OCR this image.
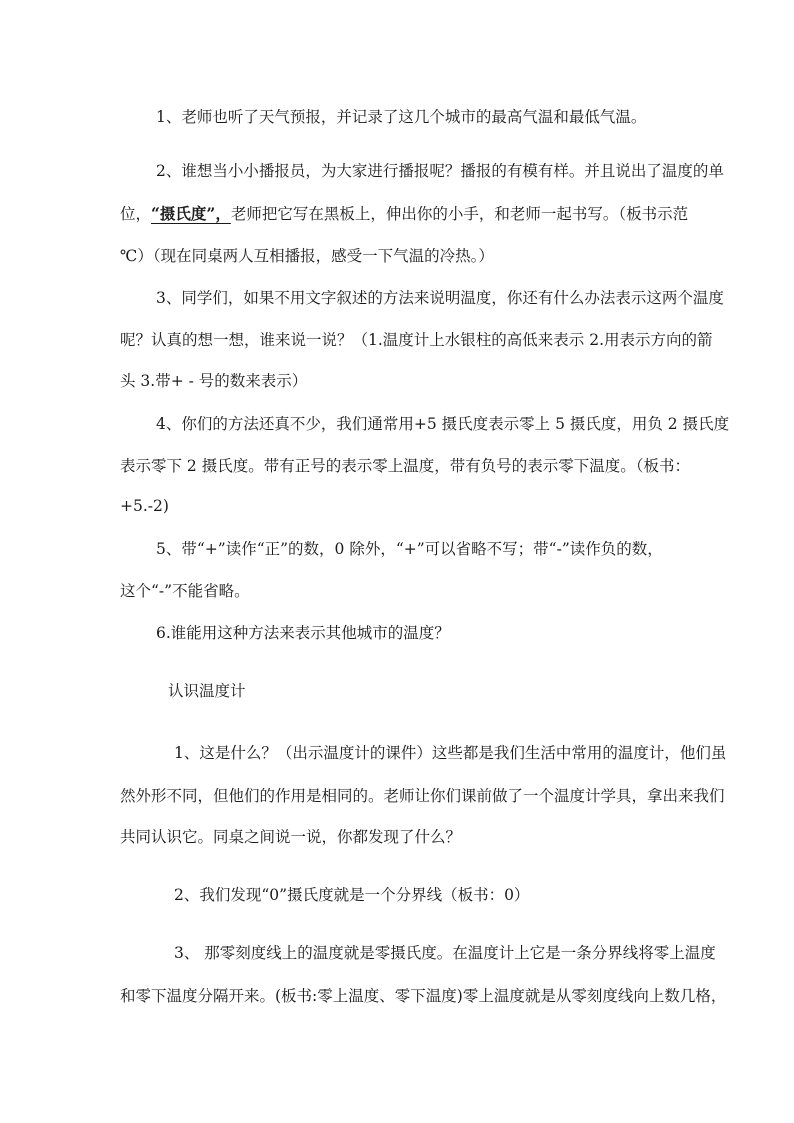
1、老师也听了天气预报，并记录了这几个城市的最高气温和最低气温。
2、谁想当小小播报员，为大家进行播报呢？播报的有模有样。并且说出了温度的单
位，“摄氏度”，老师把它写在黑板上，伸出你的小手，和老师一起书写。（板书示范
℃）（现在同桌两人互相播报，感受一下气温的冷热。）
3、同学们，如果不用文字叙述的方法来说明温度，你还有什么办法表示这两个温度
呢？认真的想一想，谁来说一说？（1.温度计上水银柱的高低来表示 2.用表示方向的箭
头 3.带+ - 号的数来表示）
4、你们的方法还真不少，我们通常用+5 摄氏度表示零上 5 摄氏度，用负 2 摄氏度
表示零下 2 摄氏度。带有正号的表示零上温度，带有负号的表示零下温度。（板书：
+5.-2)
5、带“+”读作“正”的数，0 除外，“+”可以省略不写；带“-”读作负的数，
这个“-”不能省略。
6.谁能用这种方法来表示其他城市的温度？
认识温度计
1、这是什么？（出示温度计的课件）这些都是我们生活中常用的温度计，他们虽
然外形不同，但他们的作用是相同的。老师让你们课前做了一个温度计学具，拿出来我们
共同认识它。同桌之间说一说，你都发现了什么？
2、我们发现“0”摄氏度就是一个分界线（板书：0）
3、 那零刻度线上的温度就是零摄氏度。在温度计上它是一条分界线将零上温度
和零下温度分隔开来。(板书:零上温度、零下温度)零上温度就是从零刻度线向上数几格，
